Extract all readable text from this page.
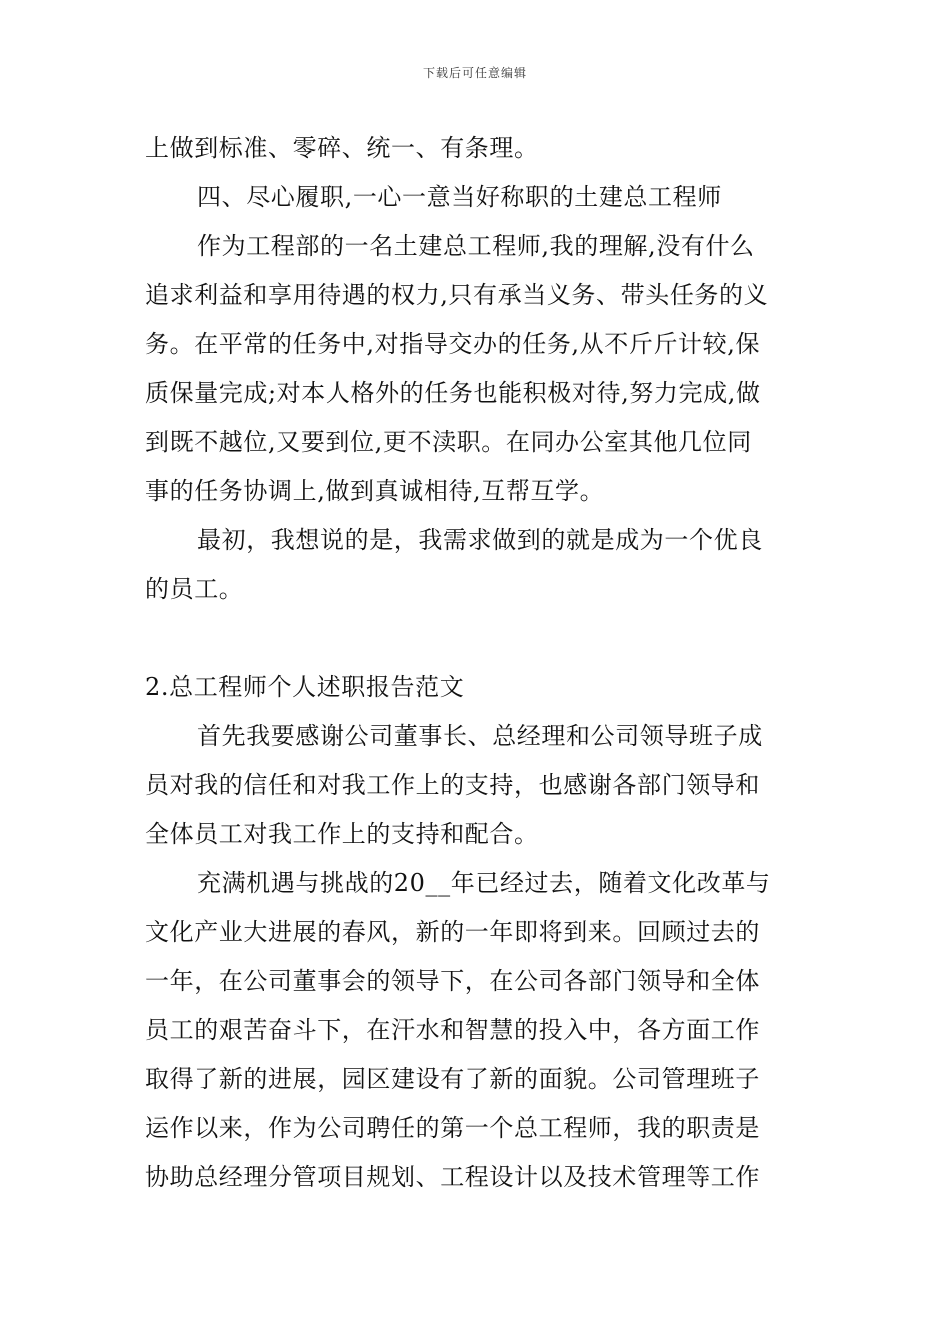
下载后可任意编辑
上做到标准、零碎、统一、有条理。
四、尽心履职,一心一意当好称职的土建总工程师
作为工程部的一名土建总工程师,我的理解,没有什么
追求利益和享用待遇的权力,只有承当义务、带头任务的义
务。在平常的任务中,对指导交办的任务,从不斤斤计较,保
质保量完成;对本人格外的任务也能积极对待,努力完成,做
到既不越位,又要到位,更不渎职。在同办公室其他几位同
事的任务协调上,做到真诚相待,互帮互学。
最初，我想说的是，我需求做到的就是成为一个优良
的员工。
2.总工程师个人述职报告范文
首先我要感谢公司董事长、总经理和公司领导班子成
员对我的信任和对我工作上的支持，也感谢各部门领导和
全体员工对我工作上的支持和配合。
充满机遇与挑战的20__年已经过去，随着文化改革与
文化产业大进展的春风，新的一年即将到来。回顾过去的
一年，在公司董事会的领导下，在公司各部门领导和全体
员工的艰苦奋斗下，在汗水和智慧的投入中，各方面工作
取得了新的进展，园区建设有了新的面貌。公司管理班子
运作以来，作为公司聘任的第一个总工程师，我的职责是
协助总经理分管项目规划、工程设计以及技术管理等工作
